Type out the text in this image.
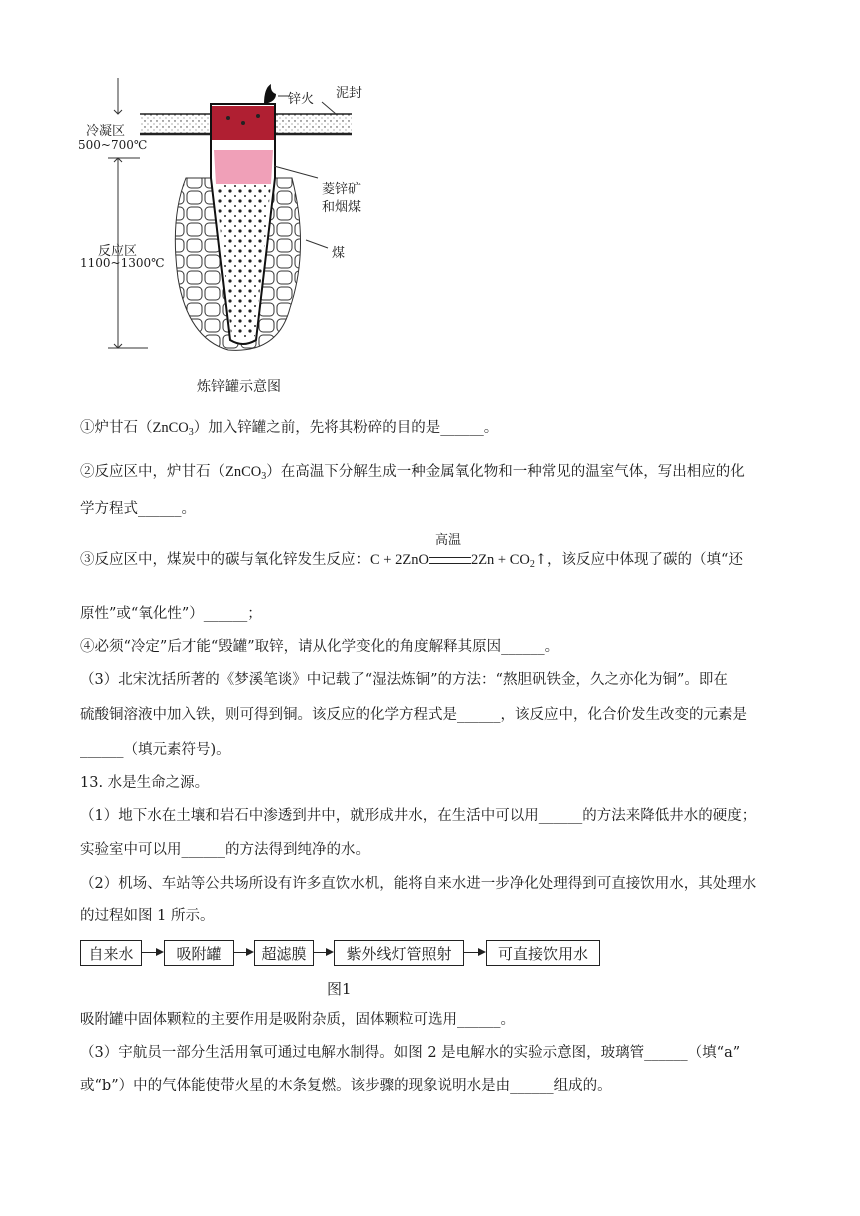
锌火 泥封
冷凝区
500~700℃
菱锌矿
和烟煤
反应区
1100~1300℃
煤
炼锌罐示意图
①炉甘石（ZnCO$_3$）加入锌罐之前，先将其粉碎的目的是______。
②反应区中，炉甘石（ZnCO$_3$）在高温下分解生成一种金属氧化物和一种常见的温室气体，写出相应的化
学方程式______。
③反应区中，煤炭中的碳与氧化锌发生反应：C + 2ZnO
高温
$2Zn + CO_2↑$，该反应中体现了碳的（填“还
原性”或“氧化性”）______；
④必须“冷定”后才能“毁罐”取锌，请从化学变化的角度解释其原因______。
（3）北宋沈括所著的《梦溪笔谈》中记载了“湿法炼铜”的方法：“熬胆矾铁金，久之亦化为铜”。即在
硫酸铜溶液中加入铁，则可得到铜。该反应的化学方程式是______，该反应中，化合价发生改变的元素是
______（填元素符号)。
13. 水是生命之源。
（1）地下水在土壤和岩石中渗透到井中，就形成井水，在生活中可以用______的方法来降低井水的硬度；
实验室中可以用______的方法得到纯净的水。
（2）机场、车站等公共场所设有许多直饮水机，能将自来水进一步净化处理得到可直接饮用水，其处理水
的过程如图 1 所示。
自来水	吸附罐	超滤膜	紫外线灯管照射	可直接饮用水
图1
吸附罐中固体颗粒的主要作用是吸附杂质，固体颗粒可选用______。
（3）宇航员一部分生活用氧可通过电解水制得。如图 2 是电解水的实验示意图，玻璃管______（填“a”
或“b”）中的气体能使带火星的木条复燃。该步骤的现象说明水是由______组成的。
